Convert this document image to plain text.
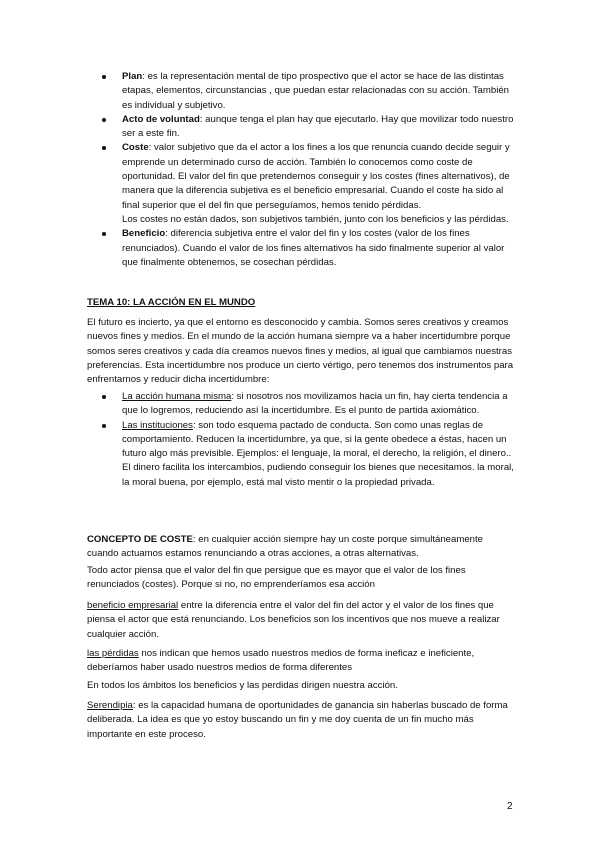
Plan: es la representación mental de tipo prospectivo que el actor se hace de las distintas etapas, elementos, circunstancias , que puedan estar relacionadas con su acción. También es individual y subjetivo.
Acto de voluntad: aunque tenga el plan hay que ejecutarlo. Hay que movilizar todo nuestro ser a este fin.
Coste: valor subjetivo que da el actor a los fines a los que renuncia cuando decide seguir y emprende un determinado curso de acción. También lo conocemos como coste de oportunidad. El valor del fin que pretendemos conseguir y los costes (fines alternativos), de manera que la diferencia subjetiva es el beneficio empresarial. Cuando el coste ha sido al final superior que el del fin que perseguíamos, hemos tenido pérdidas.
Los costes no están dados, son subjetivos también, junto con los beneficios y las pérdidas.
Beneficio: diferencia subjetiva entre el valor del fin y los costes (valor de los fines renunciados). Cuando el valor de los fines alternativos ha sido finalmente superior al valor que finalmente obtenemos, se cosechan pérdidas.
TEMA 10: LA ACCIÓN EN EL MUNDO

El futuro es incierto, ya que el entorno es desconocido y cambia. Somos seres creativos y creamos nuevos fines y medios. En el mundo de la acción humana siempre va a haber incertidumbre porque somos seres creativos y cada día creamos nuevos fines y medios, al igual que cambiamos nuestras preferencias. Esta incertidumbre nos produce un cierto vértigo, pero tenemos dos instrumentos para enfrentarnos y reducir dicha incertidumbre:

La acción humana misma: si nosotros nos movilizamos hacia un fin, hay cierta tendencia a que lo logremos, reduciendo así la incertidumbre. Es el punto de partida axiomático.
Las instituciones: son todo esquema pactado de conducta. Son como unas reglas de comportamiento. Reducen la incertidumbre, ya que, si la gente obedece a éstas, hacen un futuro algo más previsible. Ejemplos: el lenguaje, la moral, el derecho, la religión, el dinero..
El dinero facilita los intercambios, pudiendo conseguir los bienes que necesitamos. la moral, la moral buena, por ejemplo, está mal visto mentir o la propiedad privada.

CONCEPTO DE COSTE: en cualquier acción siempre hay un coste porque simultáneamente cuando actuamos estamos renunciando a otras acciones, a otras alternativas.

Todo actor piensa que el valor del fin que persigue que es mayor que el valor de los fines renunciados (costes). Porque si no, no emprenderíamos esa acción

beneficio empresarial entre la diferencia entre el valor del fin del actor y el valor de los fines que piensa el actor que está renunciando. Los beneficios son los incentivos que nos mueve a realizar cualquier acción.

las pérdidas nos indican que hemos usado nuestros medios de forma ineficaz e ineficiente, deberíamos haber usado nuestros medios de forma diferentes

En todos los ámbitos los beneficios y las perdidas dirigen nuestra acción.

Serendipia: es la capacidad humana de oportunidades de ganancia sin haberlas buscado de forma deliberada. La idea es que yo estoy buscando un fin y me doy cuenta de un fin mucho más importante en este proceso.

2
